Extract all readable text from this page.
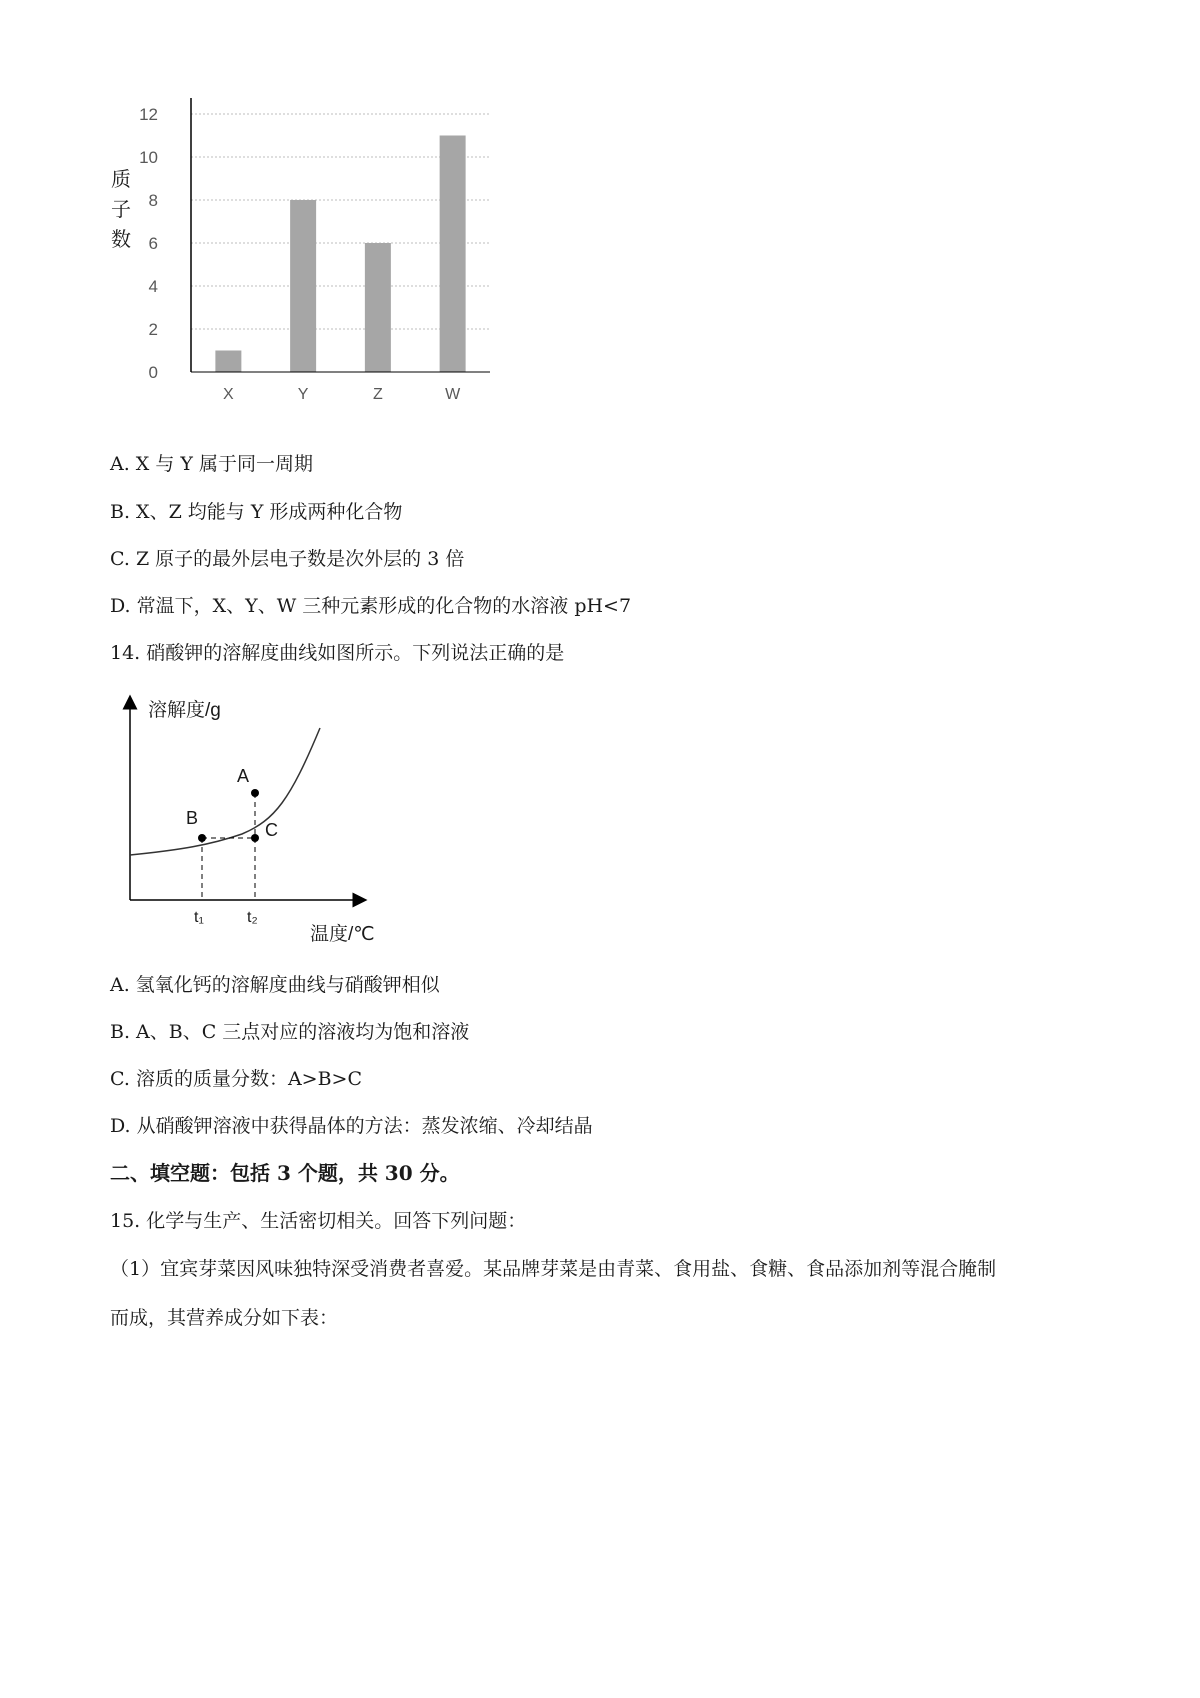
0
2
4
6
8
10
12
X	Y	Z	W
质
子
数
A. X 与 Y 属于同一周期
B. X、Z 均能与 Y 形成两种化合物
C. Z 原子的最外层电子数是次外层的 3 倍
D. 常温下，X、Y、W 三种元素形成的化合物的水溶液 pH<7
14. 硝酸钾的溶解度曲线如图所示。下列说法正确的是
A
B
C
溶解度/g
温度/℃
t₁	t₂
A. 氢氧化钙的溶解度曲线与硝酸钾相似
B. A、B、C 三点对应的溶液均为饱和溶液
C. 溶质的质量分数：A>B>C
D. 从硝酸钾溶液中获得晶体的方法：蒸发浓缩、冷却结晶
二、填空题：包括 3 个题，共 30 分。
15. 化学与生产、生活密切相关。回答下列问题：
（1）宜宾芽菜因风味独特深受消费者喜爱。某品牌芽菜是由青菜、食用盐、食糖、食品添加剂等混合腌制
而成，其营养成分如下表：
